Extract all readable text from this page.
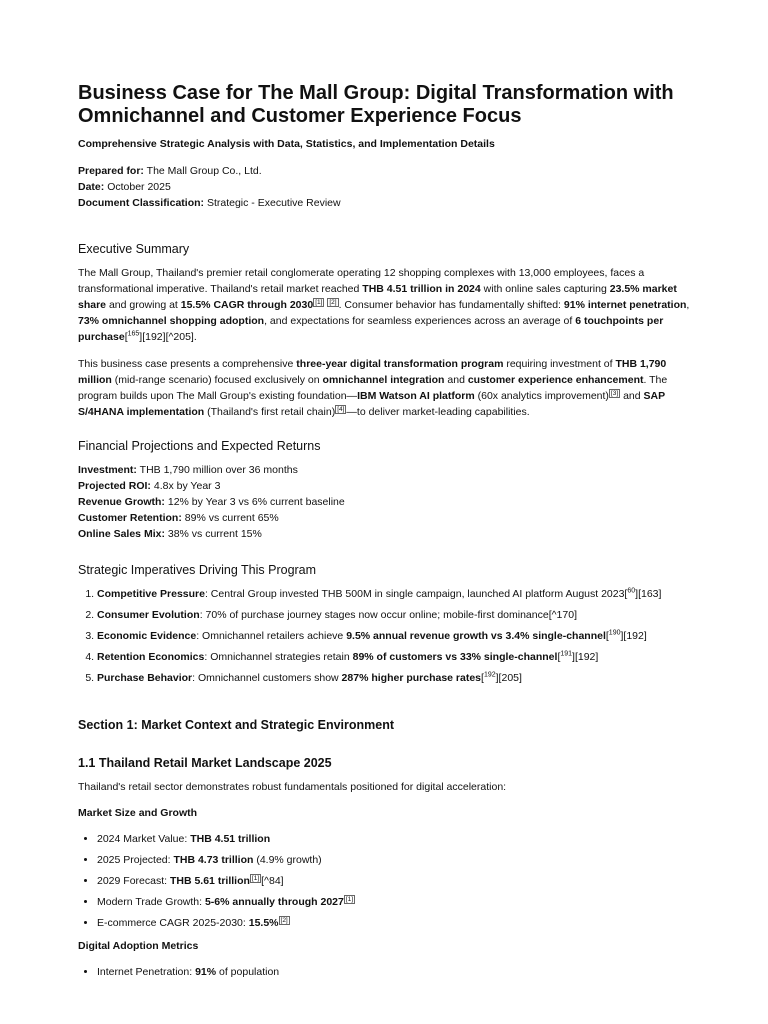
Business Case for The Mall Group: Digital Transformation with Omnichannel and Customer Experience Focus

Comprehensive Strategic Analysis with Data, Statistics, and Implementation Details

Prepared for: The Mall Group Co., Ltd.

Date: October 2025

Document Classification: Strategic - Executive Review

Executive Summary

The Mall Group, Thailand's premier retail conglomerate operating 12 shopping complexes with 13,000 employees, faces a transformational imperative. Thailand's retail market reached THB 4.51 trillion in 2024 with online sales capturing 23.5% market share and growing at 15.5% CAGR through 2030 [1] [2] . Consumer behavior has fundamentally shifted: 91% internet penetration, 73% omnichannel shopping adoption, and expectations for seamless experiences across an average of 6 touchpoints per purchase[$^{165}$][192][^205].

This business case presents a comprehensive three-year digital transformation program requiring investment of THB 1,790 million (mid-range scenario) focused exclusively on omnichannel integration and customer experience enhancement. The program builds upon The Mall Group's existing foundation—IBM Watson AI platform (60x analytics improvement) [3] and SAP S/4HANA implementation (Thailand's first retail chain) [4] —to deliver market-leading capabilities.

Financial Projections and Expected Returns

Investment: THB 1,790 million over 36 months

Projected ROI: 4.8x by Year 3

Revenue Growth: 12% by Year 3 vs 6% current baseline

Customer Retention: 89% vs current 65%

Online Sales Mix: 38% vs current 15%

Strategic Imperatives Driving This Program
1. Competitive Pressure: Central Group invested THB 500M in single campaign, launched AI platform August 2023[$^{60}$][163]
2. Consumer Evolution: 70% of purchase journey stages now occur online; mobile-first dominance[^170]
3. Economic Evidence: Omnichannel retailers achieve 9.5% annual revenue growth vs 3.4% single-channel[$^{190}$][192]
4. Retention Economics: Omnichannel strategies retain 89% of customers vs 33% single-channel[$^{191}$][192]
5. Purchase Behavior: Omnichannel customers show 287% higher purchase rates[$^{192}$][205]
Section 1: Market Context and Strategic Environment
1.1 Thailand Retail Market Landscape 2025

Thailand's retail sector demonstrates robust fundamentals positioned for digital acceleration:

Market Size and Growth
• 2024 Market Value: THB 4.51 trillion
• 2025 Projected: THB 4.73 trillion (4.9% growth)
• 2029 Forecast: THB 5.61 trillion [1] [^84]
• Modern Trade Growth: 5-6% annually through 2027 [1]
• E-commerce CAGR 2025-2030: 15.5% [2]
Digital Adoption Metrics
• Internet Penetration: 91% of population
